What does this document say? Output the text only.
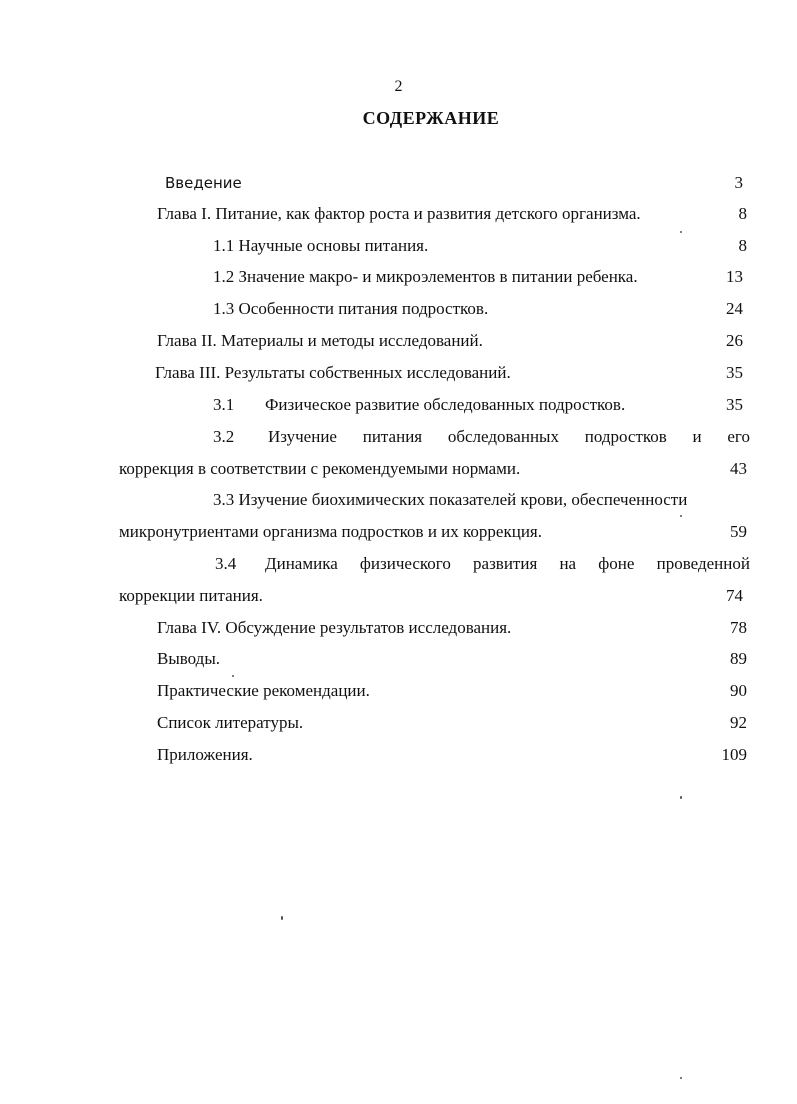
2
СОДЕРЖАНИЕ
Введение	3
Глава I. Питание, как фактор роста и развития детского организма.	8
1.1 Научные основы питания.	8
1.2 Значение макро- и микроэлементов в питании ребенка.	13
1.3 Особенности питания подростков.	24
Глава II. Материалы и методы исследований.	26
Глава III. Результаты собственных исследований.	35
3.1 Физическое развитие обследованных подростков.	35
3.2 Изучение питания обследованных подростков и его
коррекция в соответствии с рекомендуемыми нормами.	43
3.3 Изучение биохимических показателей крови, обеспеченности
микронутриентами организма подростков и их коррекция.	59
3.4 Динамика физического развития на фоне проведенной
коррекции питания.	74
Глава IV. Обсуждение результатов исследования.	78
Выводы.	89
Практические рекомендации.	90
Список литературы.	92
Приложения.	109
